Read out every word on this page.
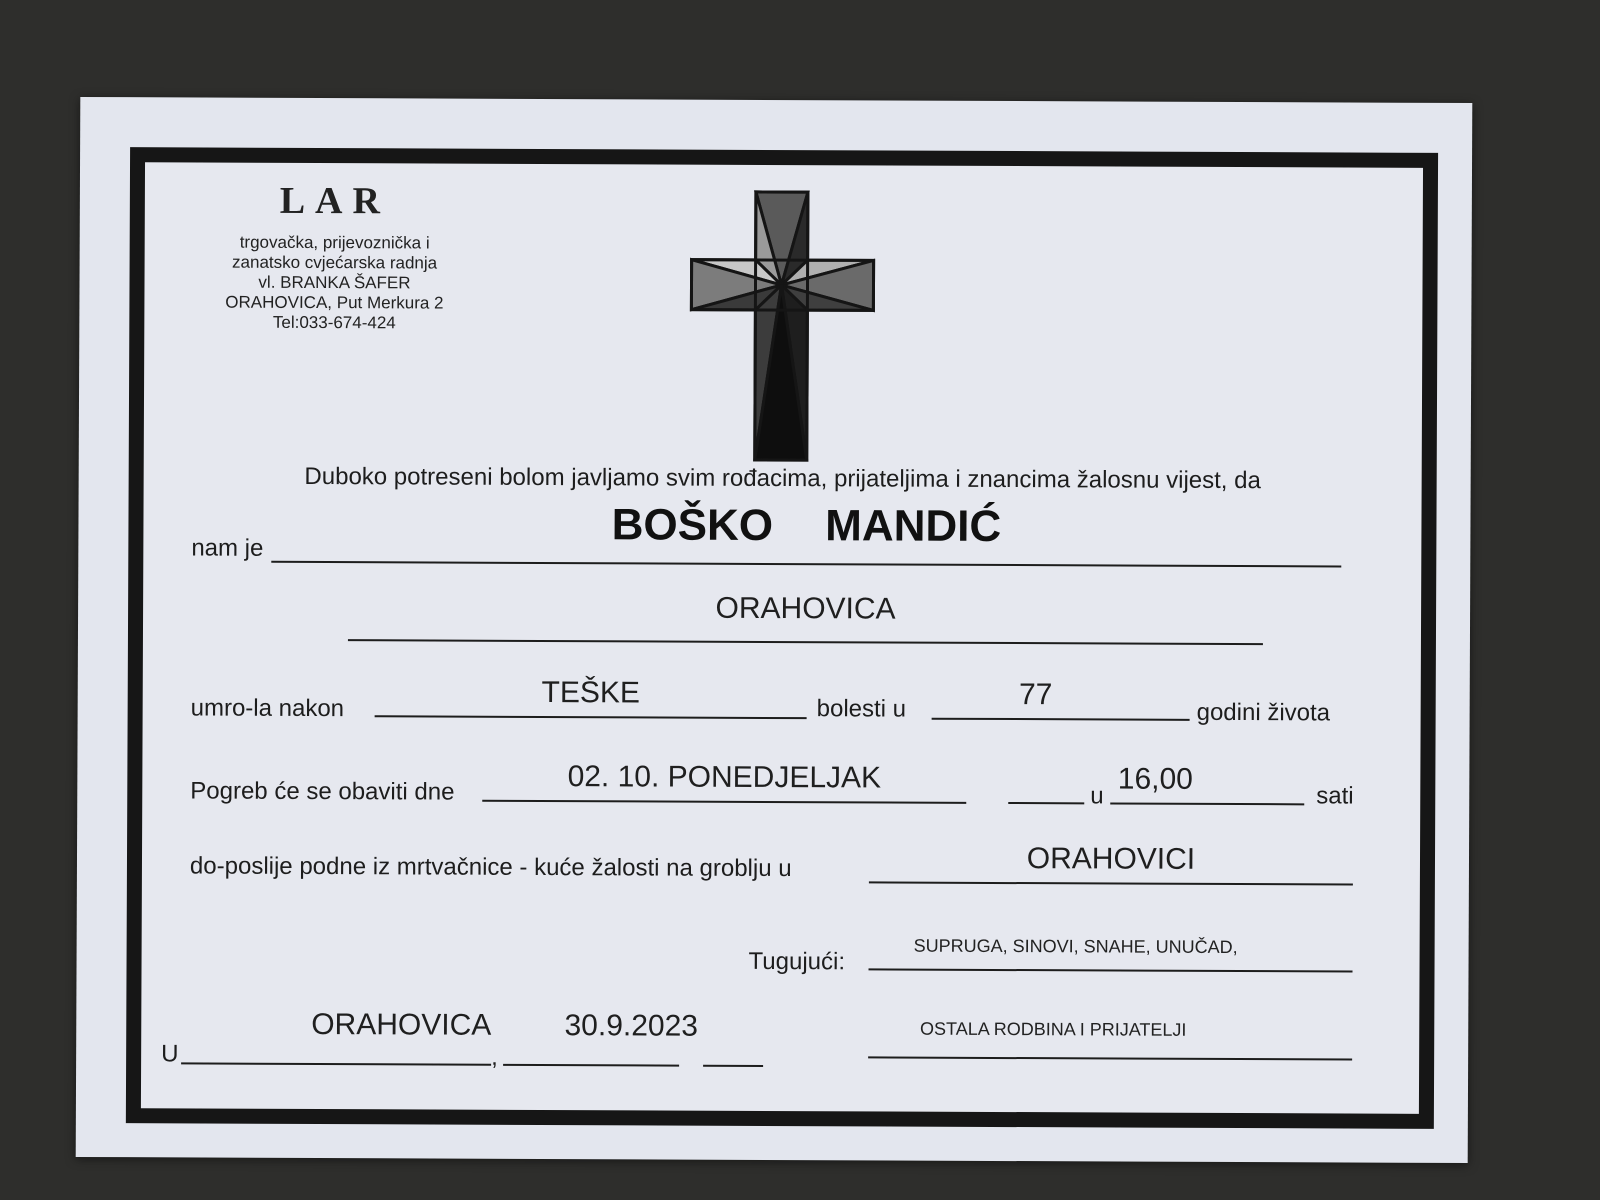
LAR
trgovačka, prijevoznička i
zanatsko cvjećarska radnja
vl. BRANKA ŠAFER
ORAHOVICA, Put Merkura 2
Tel:033-674-424
Duboko potreseni bolom javljamo svim rođacima, prijateljima i znancima žalosnu vijest, da
nam je	BOŠKO MANDIĆ
ORAHOVICA
umro-la nakon	TEŠKE	bolesti u	77
godini života
Pogreb će se obaviti dne	02. 10. PONEDJELJAK
u
16,00
sati
do-poslije podne iz mrtvačnice - kuće žalosti na groblju u	ORAHOVICI
Tugujući:
SUPRUGA, SINOVI, SNAHE, UNUČAD,
OSTALA RODBINA I PRIJATELJI
U
ORAHOVICA
,
30.9.2023
